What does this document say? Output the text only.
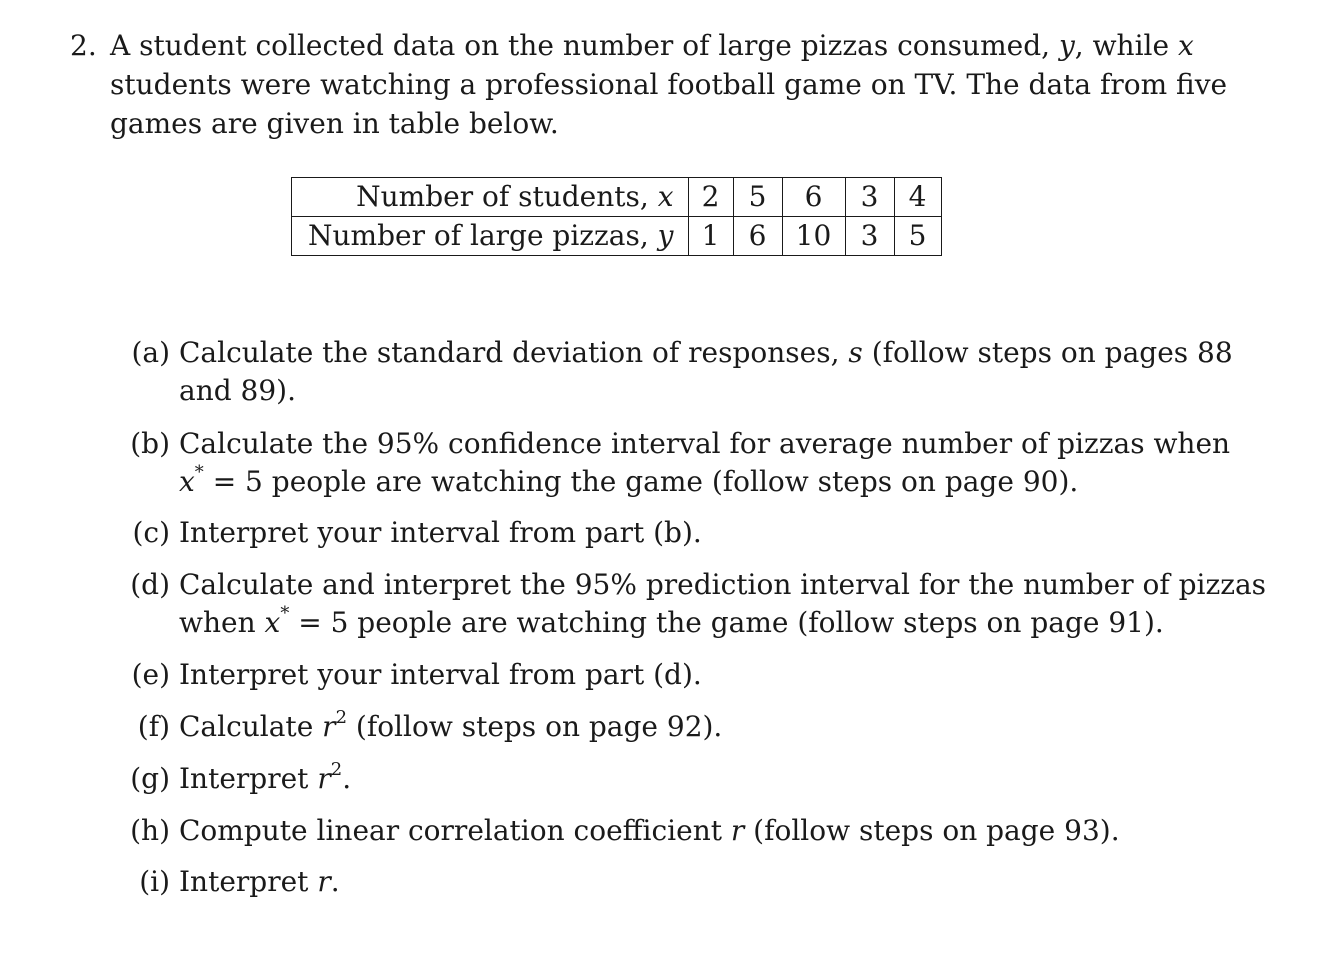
2. A student collected data on the number of large pizzas consumed, y, while x
students were watching a professional football game on TV. The data from five
games are given in table below.
Number of students, x	2	5	6	3	4
Number of large pizzas, y	1	6	10	3	5
(a) Calculate the standard deviation of responses, s (follow steps on pages 88
and 89).
(b) Calculate the 95% confidence interval for average number of pizzas when
x* = 5 people are watching the game (follow steps on page 90).
(c) Interpret your interval from part (b).
(d) Calculate and interpret the 95% prediction interval for the number of pizzas
when x* = 5 people are watching the game (follow steps on page 91).
(e) Interpret your interval from part (d).
(f) Calculate $r^2$ (follow steps on page 92).
(g) Interpret $r^2$.
(h) Compute linear correlation coefficient r (follow steps on page 93).
(i) Interpret r.
